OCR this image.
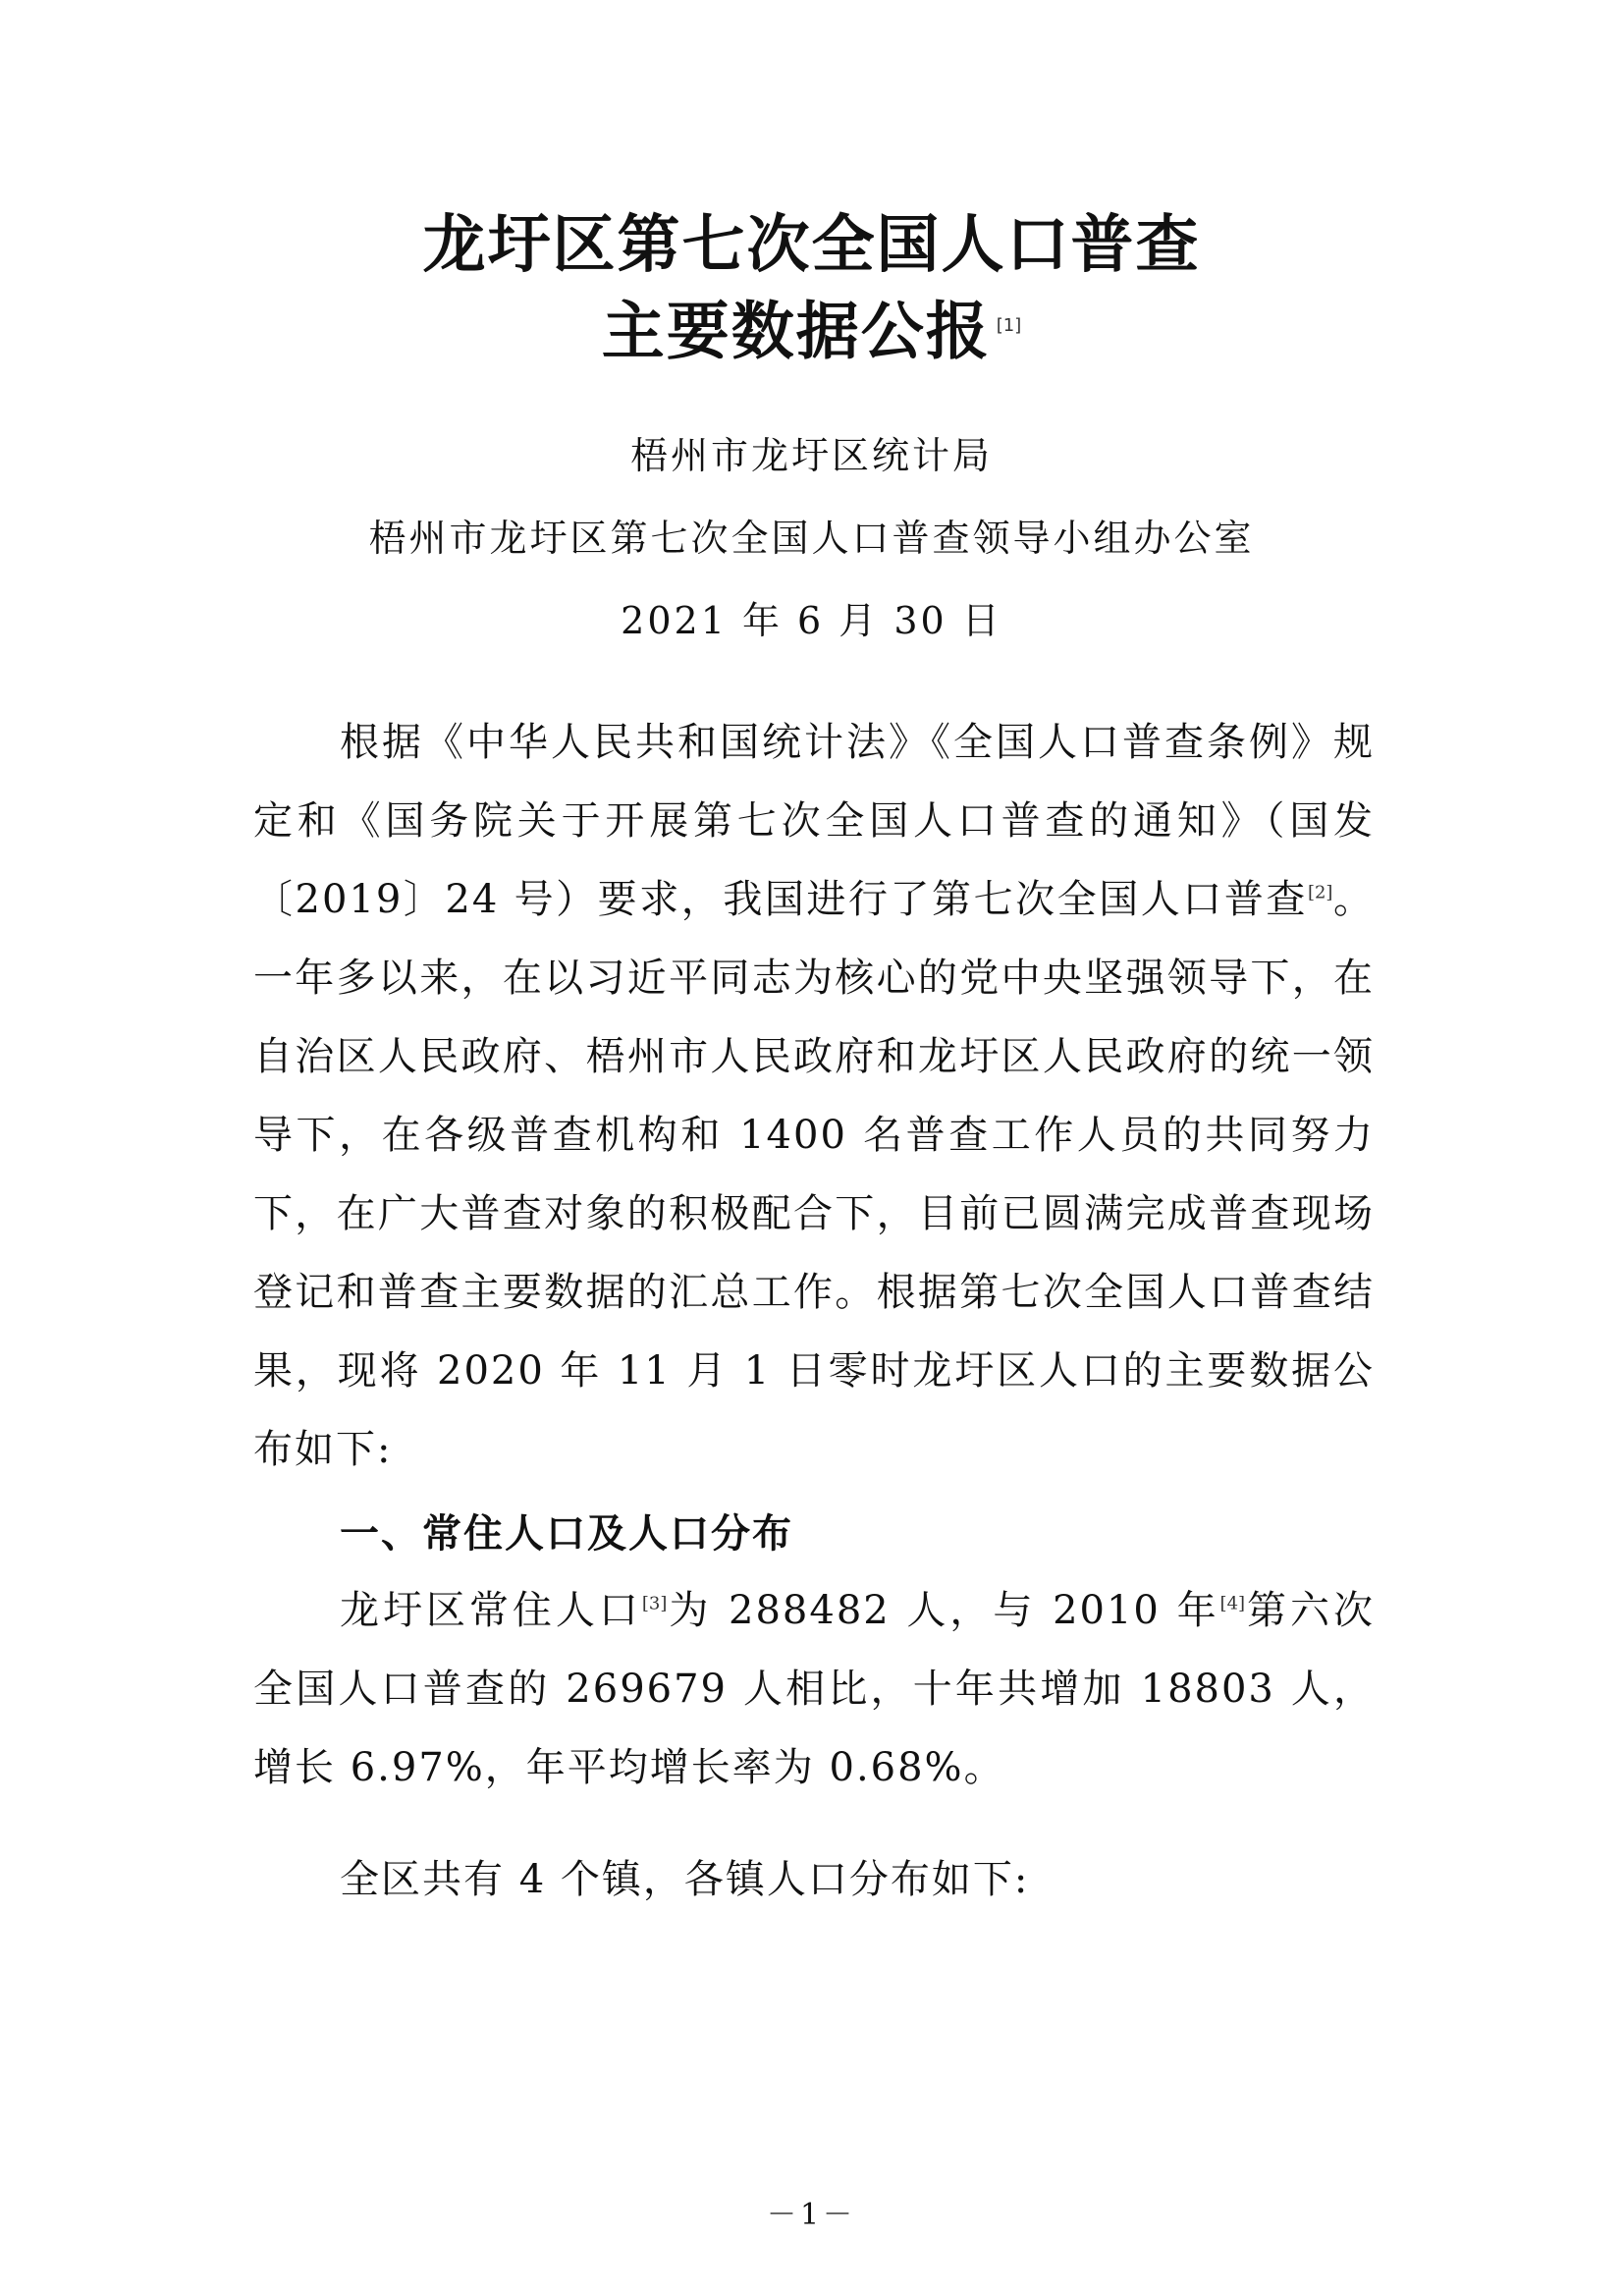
龙圩区第七次全国人口普查
主要数据公报 [1]
梧州市龙圩区统计局
梧州市龙圩区第七次全国人口普查领导小组办公室
2021 年 6 月 30 日
根据《中华人民共和国统计法》《全国人口普查条例》规定和《国务院关于开展第七次全国人口普查的通知》（国发〔2019〕24 号）要求，我国进行了第七次全国人口普查[2]。一年多以来，在以习近平同志为核心的党中央坚强领导下，在自治区人民政府、梧州市人民政府和龙圩区人民政府的统一领导下，在各级普查机构和 1400 名普查工作人员的共同努力下，在广大普查对象的积极配合下，目前已圆满完成普查现场登记和普查主要数据的汇总工作。根据第七次全国人口普查结果，现将 2020 年 11 月 1 日零时龙圩区人口的主要数据公布如下:
一、常住人口及人口分布
龙圩区常住人口[3]为 288482 人，与 2010 年[4]第六次全国人口普查的 269679 人相比，十年共增加 18803 人，增长 6.97%，年平均增长率为 0.68%。
全区共有 4 个镇，各镇人口分布如下:
－1－
